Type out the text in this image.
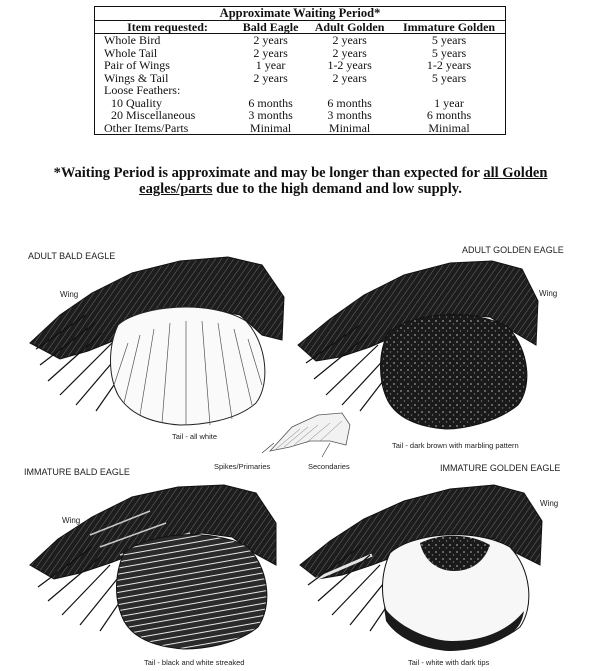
Approximate Waiting Period*			
Item requested:	Bald Eagle	Adult Golden	Immature Golden
Whole Bird	2 years	2 years	5 years
Whole Tail	2 years	2 years	5 years
Pair of Wings	1 year	1-2 years	1-2 years
Wings & Tail	2 years	2 years	5 years
Loose Feathers:			
10 Quality	6 months	6 months	1 year
20 Miscellaneous	3 months	3 months	6 months
Other Items/Parts	Minimal	Minimal	Minimal
*Waiting Period is approximate and may be longer than expected for all Golden eagles/parts due to the high demand and low supply.
ADULT BALD EAGLE
Wing
Tail - all white
ADULT GOLDEN EAGLE
Wing
Tail - dark brown with marbling pattern
Spikes/Primaries	Secondaries
IMMATURE BALD EAGLE
Wing
Tail - black and white streaked
IMMATURE GOLDEN EAGLE
Wing
Tail - white with dark tips
